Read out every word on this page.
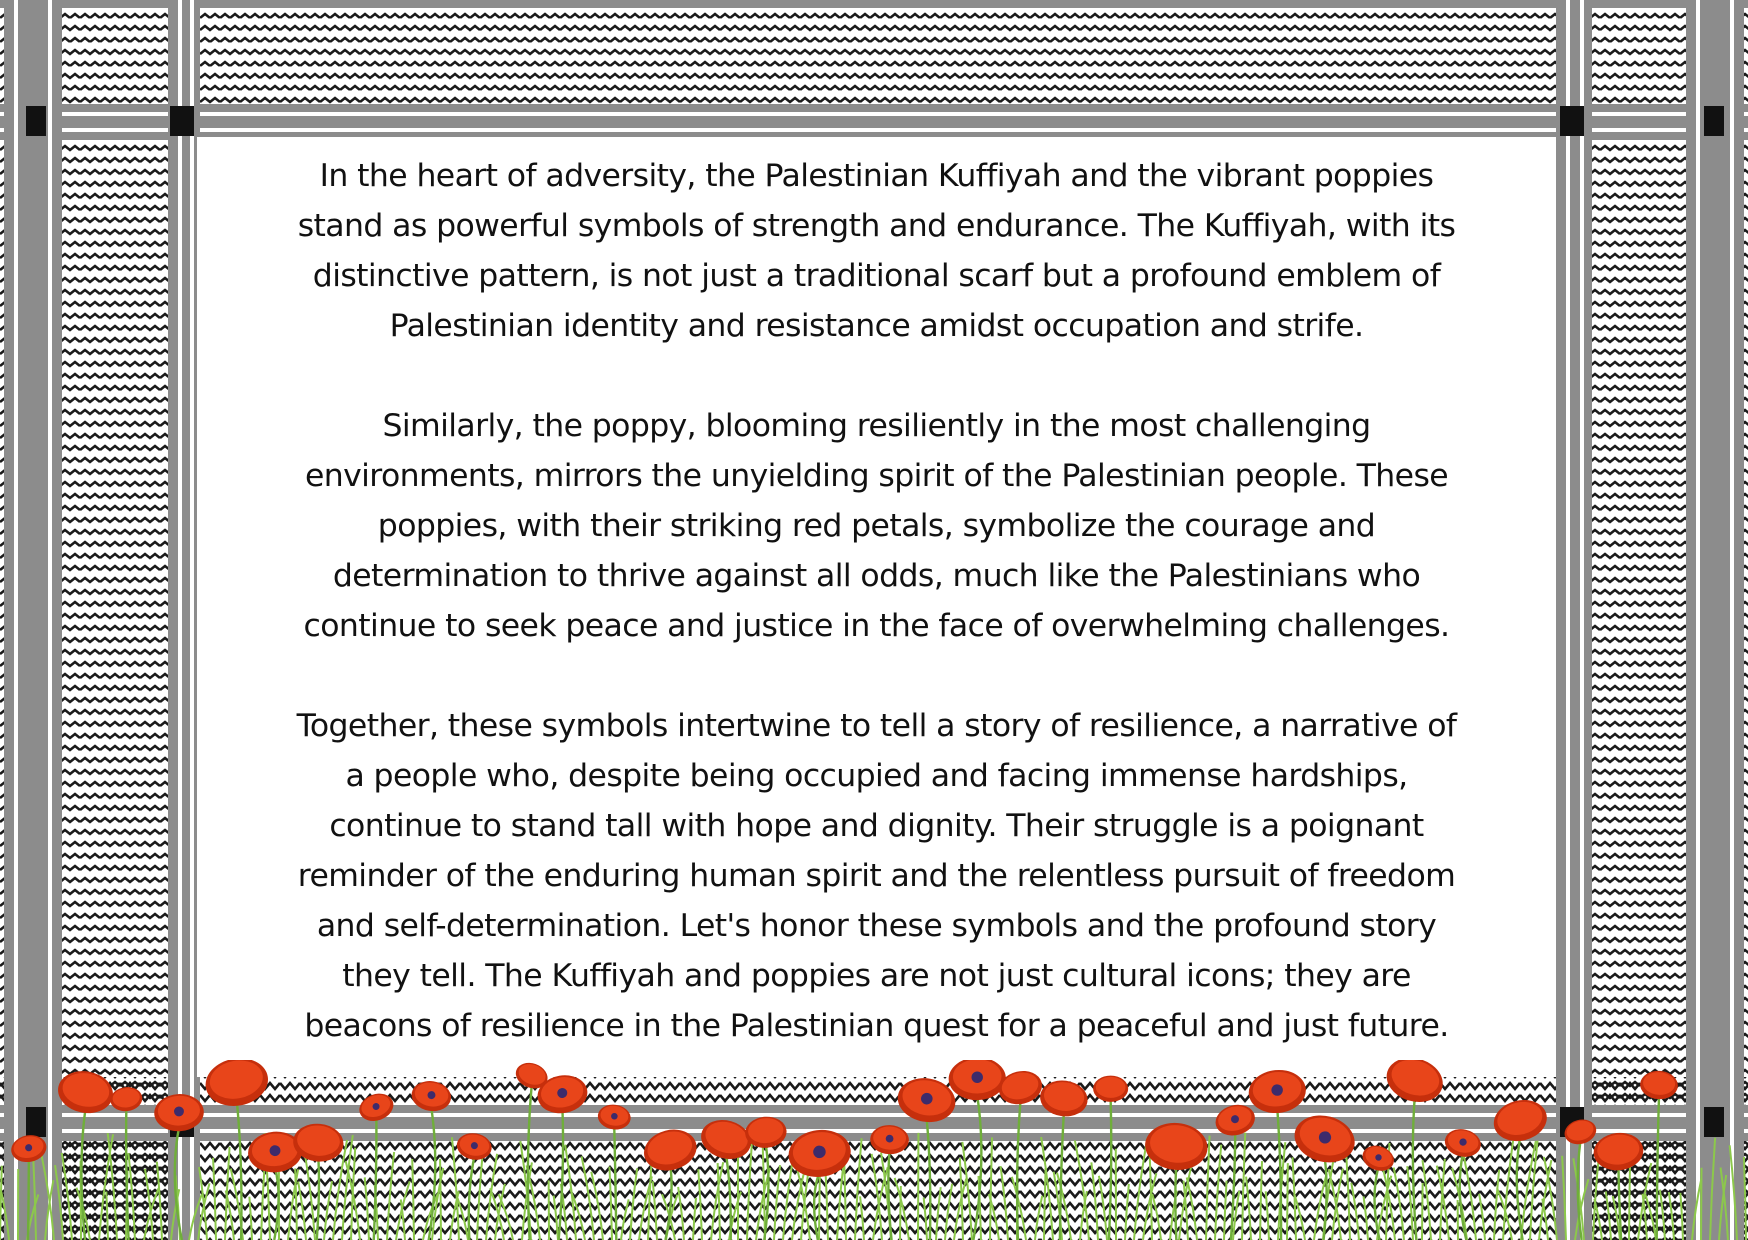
In the heart of adversity, the Palestinian Kuffiyah and the vibrant poppies
stand as powerful symbols of strength and endurance. The Kuffiyah, with its
distinctive pattern, is not just a traditional scarf but a profound emblem of
Palestinian identity and resistance amidst occupation and strife.

Similarly, the poppy, blooming resiliently in the most challenging
environments, mirrors the unyielding spirit of the Palestinian people. These
poppies, with their striking red petals, symbolize the courage and
determination to thrive against all odds, much like the Palestinians who
continue to seek peace and justice in the face of overwhelming challenges.

Together, these symbols intertwine to tell a story of resilience, a narrative of
a people who, despite being occupied and facing immense hardships,
continue to stand tall with hope and dignity. Their struggle is a poignant
reminder of the enduring human spirit and the relentless pursuit of freedom
and self-determination. Let's honor these symbols and the profound story
they tell. The Kuffiyah and poppies are not just cultural icons; they are
beacons of resilience in the Palestinian quest for a peaceful and just future.
